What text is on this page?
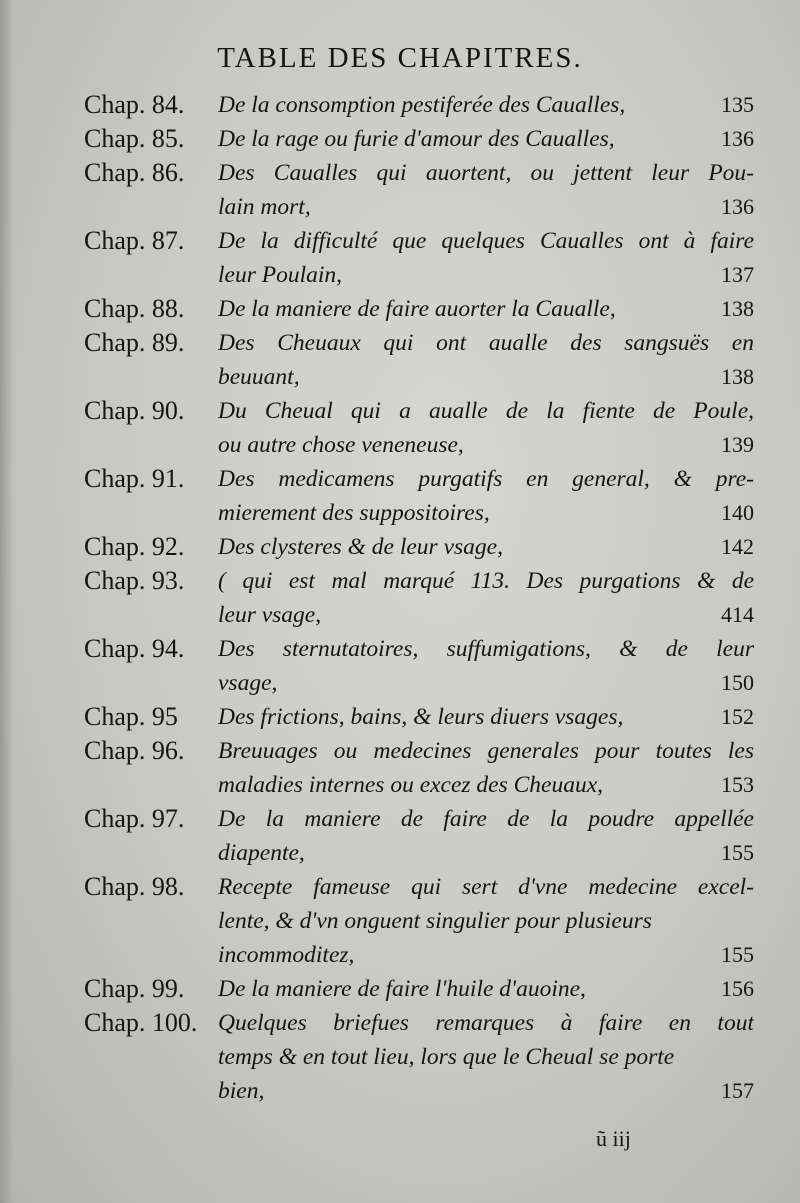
TABLE DES CHAPITRES.
Chap. 84.	De la consomption pestiferée des Caualles,	135
Chap. 85.	De la rage ou furie d'amour des Caualles,	136
Chap. 86.	Des Caualles qui auortent, ou jettent leur Pou-
lain mort,	136
Chap. 87.	De la difficulté que quelques Caualles ont à faire
leur Poulain,	137
Chap. 88.	De la maniere de faire auorter la Caualle,	138
Chap. 89.	Des Cheuaux qui ont aualle des sangsuës en
beuuant,	138
Chap. 90.	Du Cheual qui a aualle de la fiente de Poule,
ou autre chose veneneuse,	139
Chap. 91.	Des medicamens purgatifs en general, & pre-
mierement des suppositoires,	140
Chap. 92.	Des clysteres & de leur vsage,	142
Chap. 93.	( qui est mal marqué 113. Des purgations & de
leur vsage,	414
Chap. 94.	Des sternutatoires, suffumigations, & de leur
vsage,	150
Chap. 95	Des frictions, bains, & leurs diuers vsages,	152
Chap. 96.	Breuuages ou medecines generales pour toutes les
maladies internes ou excez des Cheuaux,	153
Chap. 97.	De la maniere de faire de la poudre appellée
diapente,	155
Chap. 98.	Recepte fameuse qui sert d'vne medecine excel-
lente, & d'vn onguent singulier pour plusieurs
incommoditez,	155
Chap. 99.	De la maniere de faire l'huile d'auoine,	156
Chap. 100. Quelques briefues remarques à faire en tout
temps & en tout lieu, lors que le Cheual se porte
bien,	157
ũ iij
